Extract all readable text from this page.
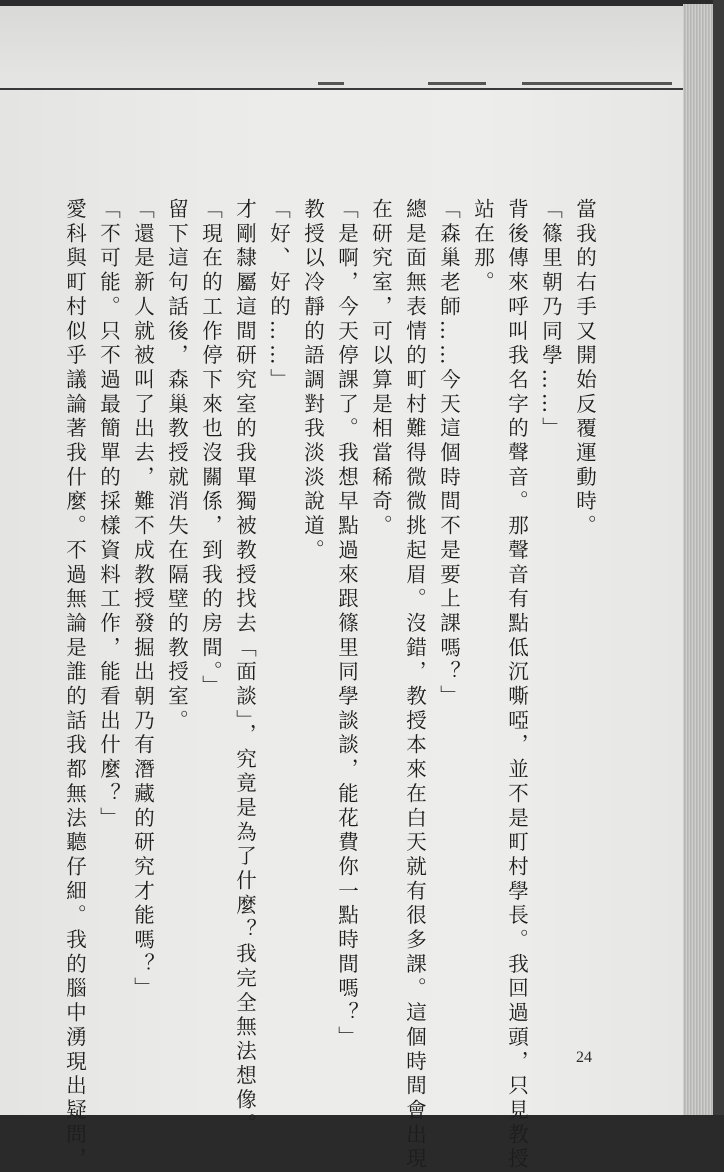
當我的右手又開始反覆運動時。
「篠里朝乃同學……」
背後傳來呼叫我名字的聲音。那聲音有點低沉嘶啞，並不是町村學長。我回過頭，只見教授
站在那。
「森巢老師……今天這個時間不是要上課嗎？」
總是面無表情的町村難得微微挑起眉。沒錯，教授本來在白天就有很多課。這個時間會出現
在研究室，可以算是相當稀奇。
「是啊，今天停課了。我想早點過來跟篠里同學談談，能花費你一點時間嗎？」
教授以冷靜的語調對我淡淡說道。
「好、好的……」
才剛隸屬這間研究室的我單獨被教授找去「面談」，究竟是為了什麼？我完全無法想像。
「現在的工作停下來也沒關係，到我的房間。」
留下這句話後，森巢教授就消失在隔壁的教授室。
「還是新人就被叫了出去，難不成教授發掘出朝乃有潛藏的研究才能嗎？」
「不可能。只不過最簡單的採樣資料工作，能看出什麼？」
愛科與町村似乎議論著我什麼。不過無論是誰的話我都無法聽仔細。我的腦中湧現出疑問，	24
